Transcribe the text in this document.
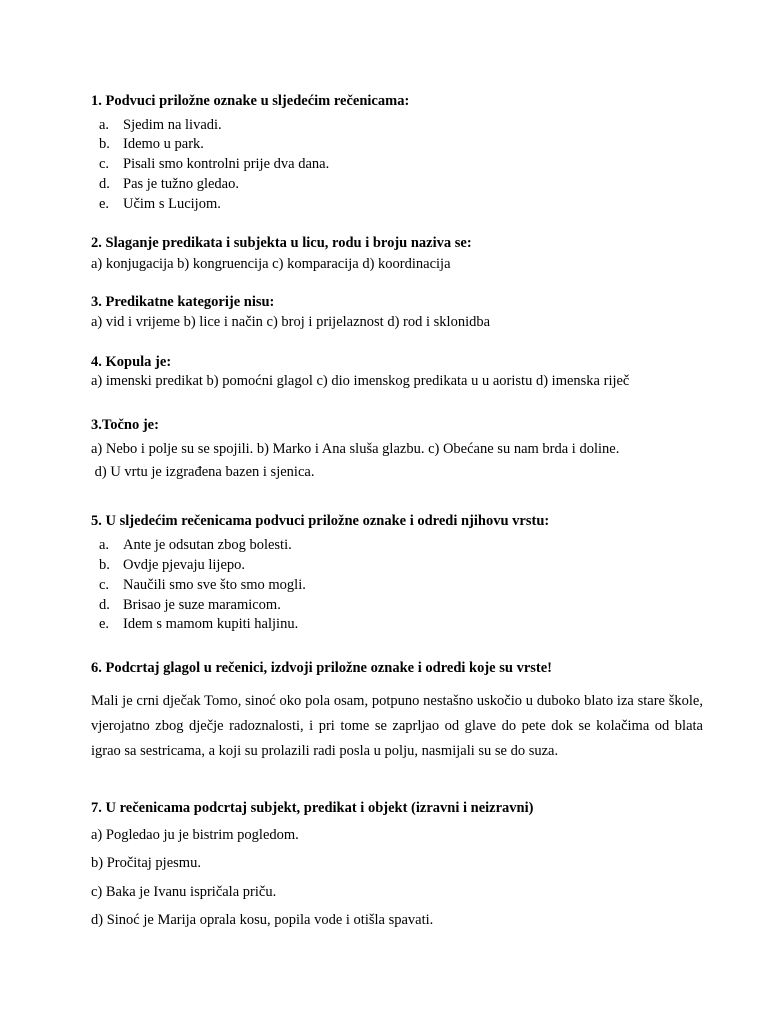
1. Podvuci priložne oznake u sljedećim rečenicama:
a. Sjedim na livadi.
b. Idemo u park.
c. Pisali smo kontrolni prije dva dana.
d. Pas je tužno gledao.
e. Učim s Lucijom.
2. Slaganje predikata i subjekta u licu, rodu i broju naziva se:
a) konjugacija b) kongruencija c) komparacija d) koordinacija
3. Predikatne kategorije nisu:
a) vid i vrijeme b) lice i način c) broj i prijelaznost d) rod i sklonidba
4. Kopula je:
a) imenski predikat b) pomoćni glagol c) dio imenskog predikata u u aoristu d) imenska riječ
3.Točno je:
a) Nebo i polje su se spojili. b) Marko i Ana sluša glazbu. c) Obećane su nam brda i doline.
d) U vrtu je izgrađena bazen i sjenica.
5. U sljedećim rečenicama podvuci priložne oznake i odredi njihovu vrstu:
a. Ante je odsutan zbog bolesti.
b. Ovdje pjevaju lijepo.
c. Naučili smo sve što smo mogli.
d. Brisao je suze maramicom.
e. Idem s mamom kupiti haljinu.
6. Podcrtaj glagol u rečenici, izdvoji priložne oznake i odredi koje su vrste!
Mali je crni dječak Tomo, sinoć oko pola osam, potpuno nestašno uskočio u duboko blato iza stare škole, vjerojatno zbog dječje radoznalosti, i pri tome se zaprljao od glave do pete dok se kolačima od blata igrao sa sestricama, a koji su prolazili radi posla u polju, nasmijali su se do suza.
7. U rečenicama podcrtaj subjekt, predikat i objekt (izravni i neizravni)
a) Pogledao ju je bistrim pogledom.
b) Pročitaj pjesmu.
c) Baka je Ivanu ispričala priču.
d) Sinoć je Marija oprala kosu, popila vode i otišla spavati.
